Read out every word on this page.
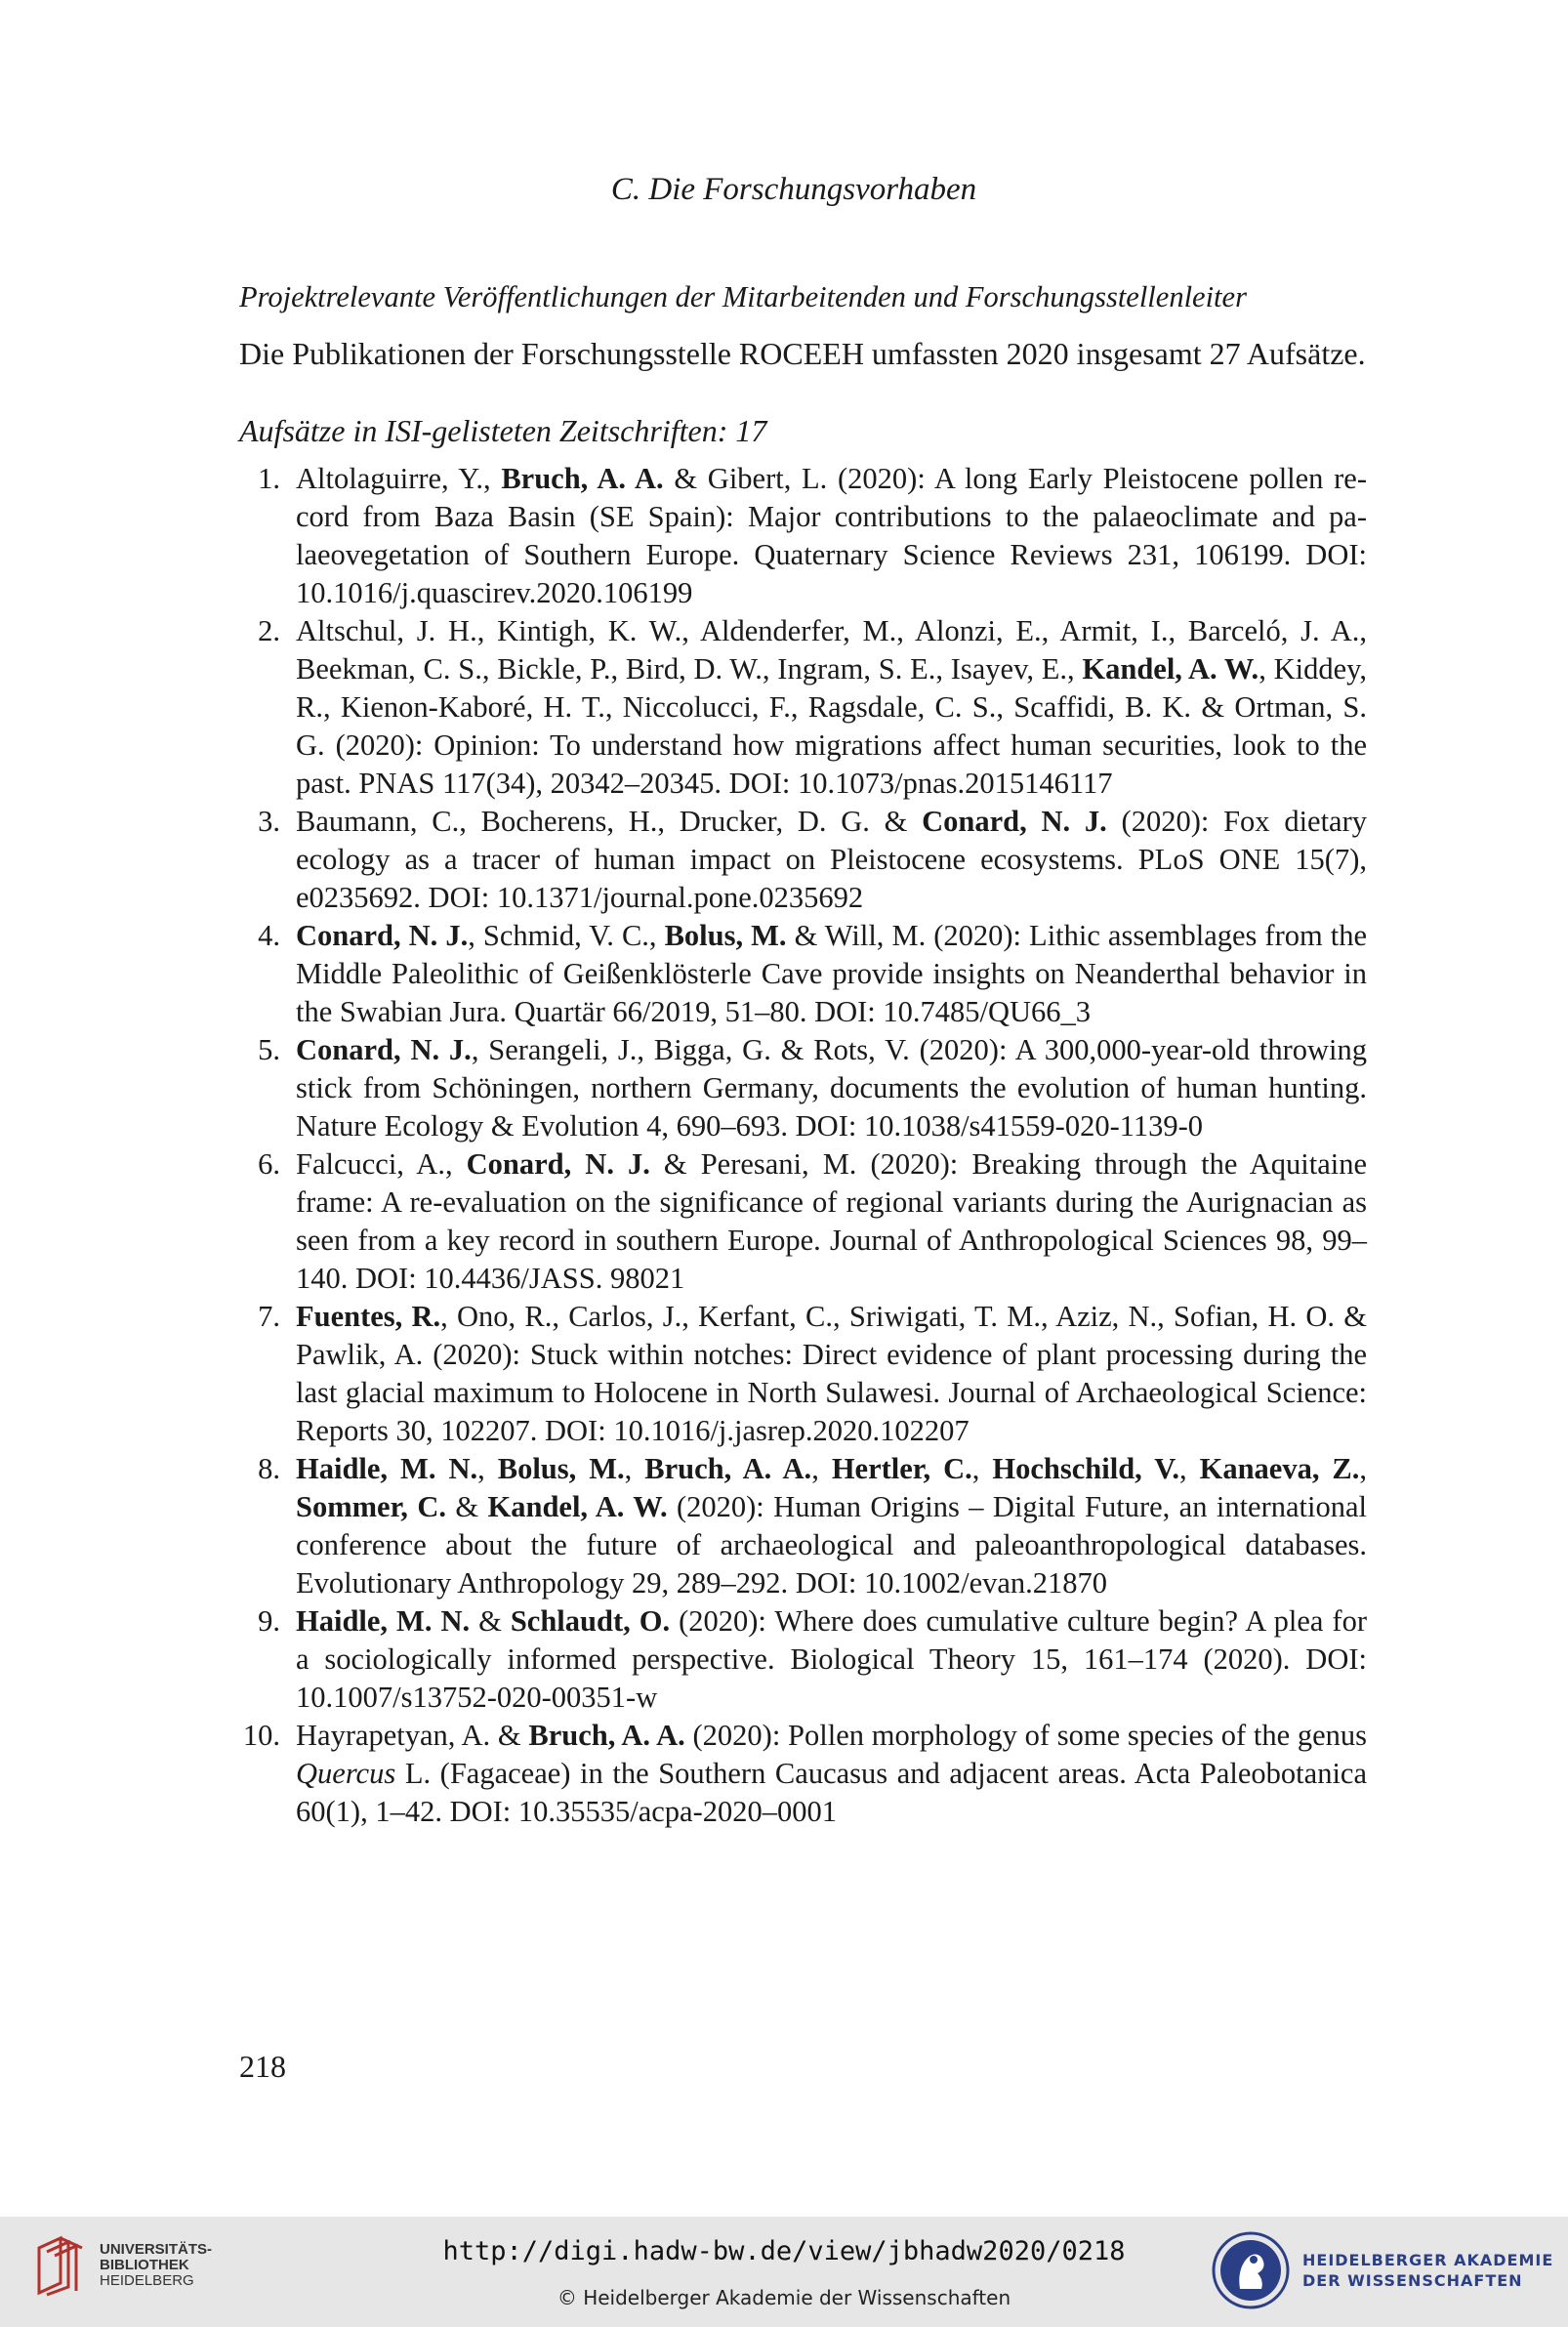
C. Die Forschungsvorhaben

Projektrelevante Veröffentlichungen der Mitarbeitenden und Forschungsstellenleiter

Die Publikationen der Forschungsstelle ROCEEH umfassten 2020 insgesamt 27 Aufsätze.

Aufsätze in ISI-gelisteten Zeitschriften: 17

1. Altolaguirre, Y., Bruch, A. A. & Gibert, L. (2020): A long Early Pleistocene pollen record from Baza Basin (SE Spain): Major contributions to the palaeoclimate and palaeovegetation of Southern Europe. Quaternary Science Reviews 231, 106199. DOI: 10.1016/j.quascirev.2020.106199
2. Altschul, J. H., Kintigh, K. W., Aldenderfer, M., Alonzi, E., Armit, I., Barceló, J. A., Beekman, C. S., Bickle, P., Bird, D. W., Ingram, S. E., Isayev, E., Kandel, A. W., Kiddey, R., Kienon-Kaboré, H. T., Niccolucci, F., Ragsdale, C. S., Scaffidi, B. K. & Ortman, S. G. (2020): Opinion: To understand how migrations affect human securities, look to the past. PNAS 117(34), 20342–20345. DOI: 10.1073/pnas.2015146117
3. Baumann, C., Bocherens, H., Drucker, D. G. & Conard, N. J. (2020): Fox dietary ecology as a tracer of human impact on Pleistocene ecosystems. PLoS ONE 15(7), e0235692. DOI: 10.1371/journal.pone.0235692
4. Conard, N. J., Schmid, V. C., Bolus, M. & Will, M. (2020): Lithic assemblages from the Middle Paleolithic of Geißenklösterle Cave provide insights on Neanderthal behavior in the Swabian Jura. Quartär 66/2019, 51–80. DOI: 10.7485/QU66_3
5. Conard, N. J., Serangeli, J., Bigga, G. & Rots, V. (2020): A 300,000-year-old throwing stick from Schöningen, northern Germany, documents the evolution of human hunting. Nature Ecology & Evolution 4, 690–693. DOI: 10.1038/s41559-020-1139-0
6. Falcucci, A., Conard, N. J. & Peresani, M. (2020): Breaking through the Aquitaine frame: A re-evaluation on the significance of regional variants during the Aurignacian as seen from a key record in southern Europe. Journal of Anthropological Sciences 98, 99–140. DOI: 10.4436/JASS. 98021
7. Fuentes, R., Ono, R., Carlos, J., Kerfant, C., Sriwigati, T. M., Aziz, N., Sofian, H. O. & Pawlik, A. (2020): Stuck within notches: Direct evidence of plant processing during the last glacial maximum to Holocene in North Sulawesi. Journal of Archaeological Science: Reports 30, 102207. DOI: 10.1016/j.jasrep.2020.102207
8. Haidle, M. N., Bolus, M., Bruch, A. A., Hertler, C., Hochschild, V., Kanaeva, Z., Sommer, C. & Kandel, A. W. (2020): Human Origins – Digital Future, an international conference about the future of archaeological and paleoanthropological databases. Evolutionary Anthropology 29, 289–292. DOI: 10.1002/evan.21870
9. Haidle, M. N. & Schlaudt, O. (2020): Where does cumulative culture begin? A plea for a sociologically informed perspective. Biological Theory 15, 161–174 (2020). DOI: 10.1007/s13752-020-00351-w
10. Hayrapetyan, A. & Bruch, A. A. (2020): Pollen morphology of some species of the genus Quercus L. (Fagaceae) in the Southern Caucasus and adjacent areas. Acta Paleobotanica 60(1), 1–42. DOI: 10.35535/acpa-2020–0001
218
UNIVERSITÄTS-
BIBLIOTHEK
HEIDELBERG
http://digi.hadw-bw.de/view/jbhadw2020/0218
© Heidelberger Akademie der Wissenschaften
HEIDELBERGER AKADEMIE
DER WISSENSCHAFTEN
